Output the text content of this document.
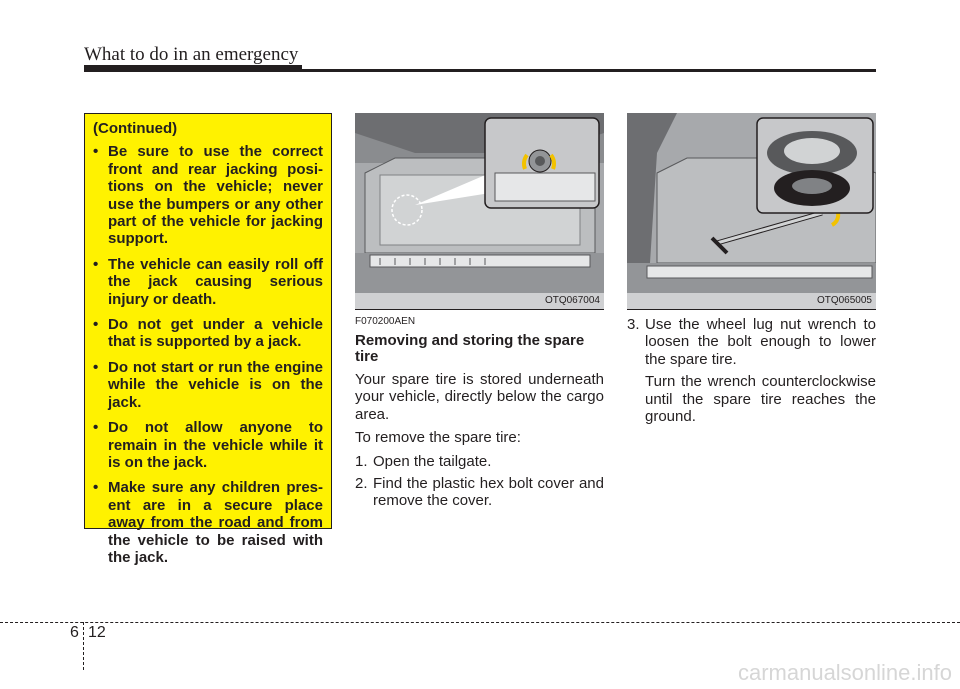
What to do in an emergency
(Continued)
• Be sure to use the correct front and rear jacking posi-tions on the vehicle; never use the bumpers or any other part of the vehicle for jacking support.
• The vehicle can easily roll off the jack causing serious injury or death.
• Do not get under a vehicle that is supported by a jack.
• Do not start or run the engine while the vehicle is on the jack.
• Do not allow anyone to remain in the vehicle while it is on the jack.
• Make sure any children pres-ent are in a secure place away from the road and from the vehicle to be raised with the jack.
OTQ067004	OTQ065005
F070200AEN
Removing and storing the spare tire

Your spare tire is stored underneath your vehicle, directly below the cargo area.

To remove the spare tire:

1. Open the tailgate.
2. Find the plastic hex bolt cover and remove the cover.
3. Use the wheel lug nut wrench to loosen the bolt enough to lower the spare tire.

Turn the wrench counterclockwise until the spare tire reaches the ground.

6 12
carmanualsonline.info
